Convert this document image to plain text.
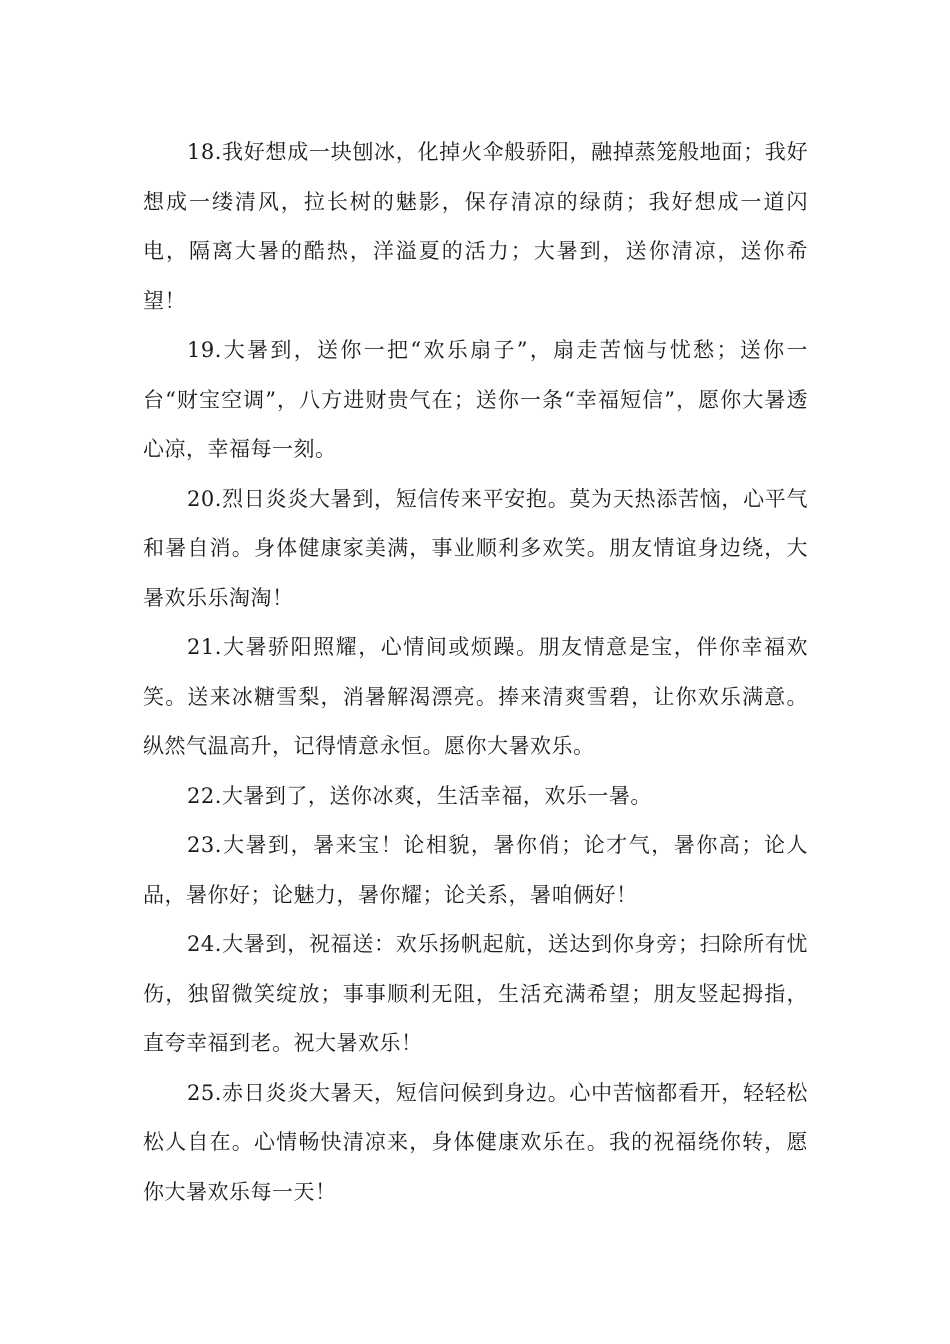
18.我好想成一块刨冰，化掉火伞般骄阳，融掉蒸笼般地面；我好想成一缕清风，拉长树的魅影，保存清凉的绿荫；我好想成一道闪电，隔离大暑的酷热，洋溢夏的活力；大暑到，送你清凉，送你希望！

19.大暑到，送你一把“欢乐扇子”，扇走苦恼与忧愁；送你一台“财宝空调”，八方进财贵气在；送你一条“幸福短信”，愿你大暑透心凉，幸福每一刻。

20.烈日炎炎大暑到，短信传来平安抱。莫为天热添苦恼，心平气和暑自消。身体健康家美满，事业顺利多欢笑。朋友情谊身边绕，大暑欢乐乐淘淘！

21.大暑骄阳照耀，心情间或烦躁。朋友情意是宝，伴你幸福欢笑。送来冰糖雪梨，消暑解渴漂亮。捧来清爽雪碧，让你欢乐满意。纵然气温高升，记得情意永恒。愿你大暑欢乐。

22.大暑到了，送你冰爽，生活幸福，欢乐一暑。

23.大暑到，暑来宝！论相貌，暑你俏；论才气，暑你高；论人品，暑你好；论魅力，暑你耀；论关系，暑咱俩好！

24.大暑到，祝福送：欢乐扬帆起航，送达到你身旁；扫除所有忧伤，独留微笑绽放；事事顺利无阻，生活充满希望；朋友竖起拇指，直夸幸福到老。祝大暑欢乐！

25.赤日炎炎大暑天，短信问候到身边。心中苦恼都看开，轻轻松松人自在。心情畅快清凉来，身体健康欢乐在。我的祝福绕你转，愿你大暑欢乐每一天！
